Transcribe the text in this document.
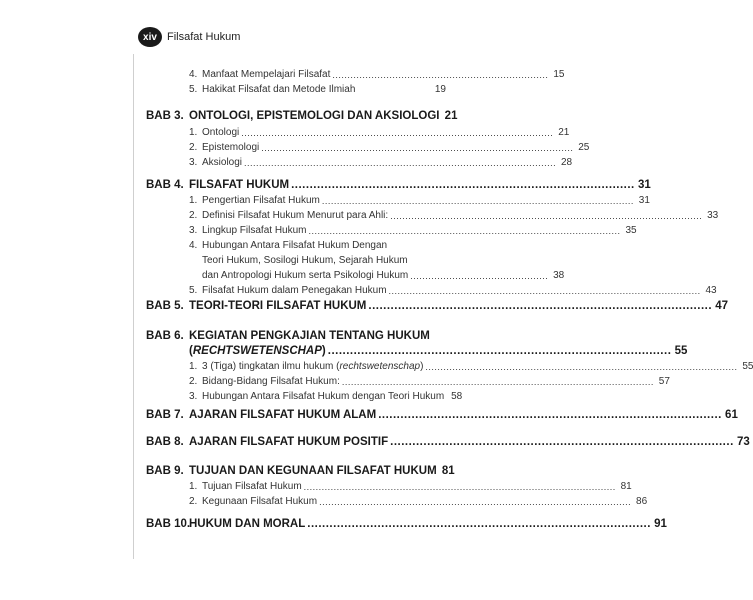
xiv Filsafat Hukum
4. Manfaat Mempelajari Filsafat ........................................................................ 15
5. Hakikat Filsafat dan Metode Ilmiah	19
BAB 3. ONTOLOGI, EPISTEMOLOGI DAN AKSIOLOGI 21
1. Ontologi ........................................................................................................ 21
2. Epistemologi ........................................................................................................ 25
3. Aksiologi ........................................................................................................ 28
BAB 4. FILSAFAT HUKUM ............................................................................................. 31
1. Pengertian Filsafat Hukum ........................................................................................................ 31
2. Definisi Filsafat Hukum Menurut para Ahli: ........................................................................................................ 33
3. Lingkup Filsafat Hukum ........................................................................................................ 35
4. Hubungan Antara Filsafat Hukum Dengan
Teori Hukum, Sosilogi Hukum, Sejarah Hukum
dan Antropologi Hukum serta Psikologi Hukum .............................................. 38
5. Filsafat Hukum dalam Penegakan Hukum ........................................................................................................ 43
BAB 5. TEORI-TEORI FILSAFAT HUKUM ............................................................................................. 47
BAB 6. KEGIATAN PENGKAJIAN TENTANG HUKUM
(RECHTSWETENSCHAP) ............................................................................................. 55
1. 3 (Tiga) tingkatan ilmu hukum (rechtswetenschap) ........................................................................................................ 55
2. Bidang-Bidang Filsafat Hukum: ........................................................................................................ 57
3. Hubungan Antara Filsafat Hukum dengan Teori Hukum 58
BAB 7. AJARAN FILSAFAT HUKUM ALAM ............................................................................................. 61
BAB 8. AJARAN FILSAFAT HUKUM POSITIF ............................................................................................. 73
BAB 9. TUJUAN DAN KEGUNAAN FILSAFAT HUKUM 81
1. Tujuan Filsafat Hukum ........................................................................................................ 81
2. Kegunaan Filsafat Hukum ........................................................................................................ 86
BAB 10.
HUKUM DAN MORAL ............................................................................................. 91
